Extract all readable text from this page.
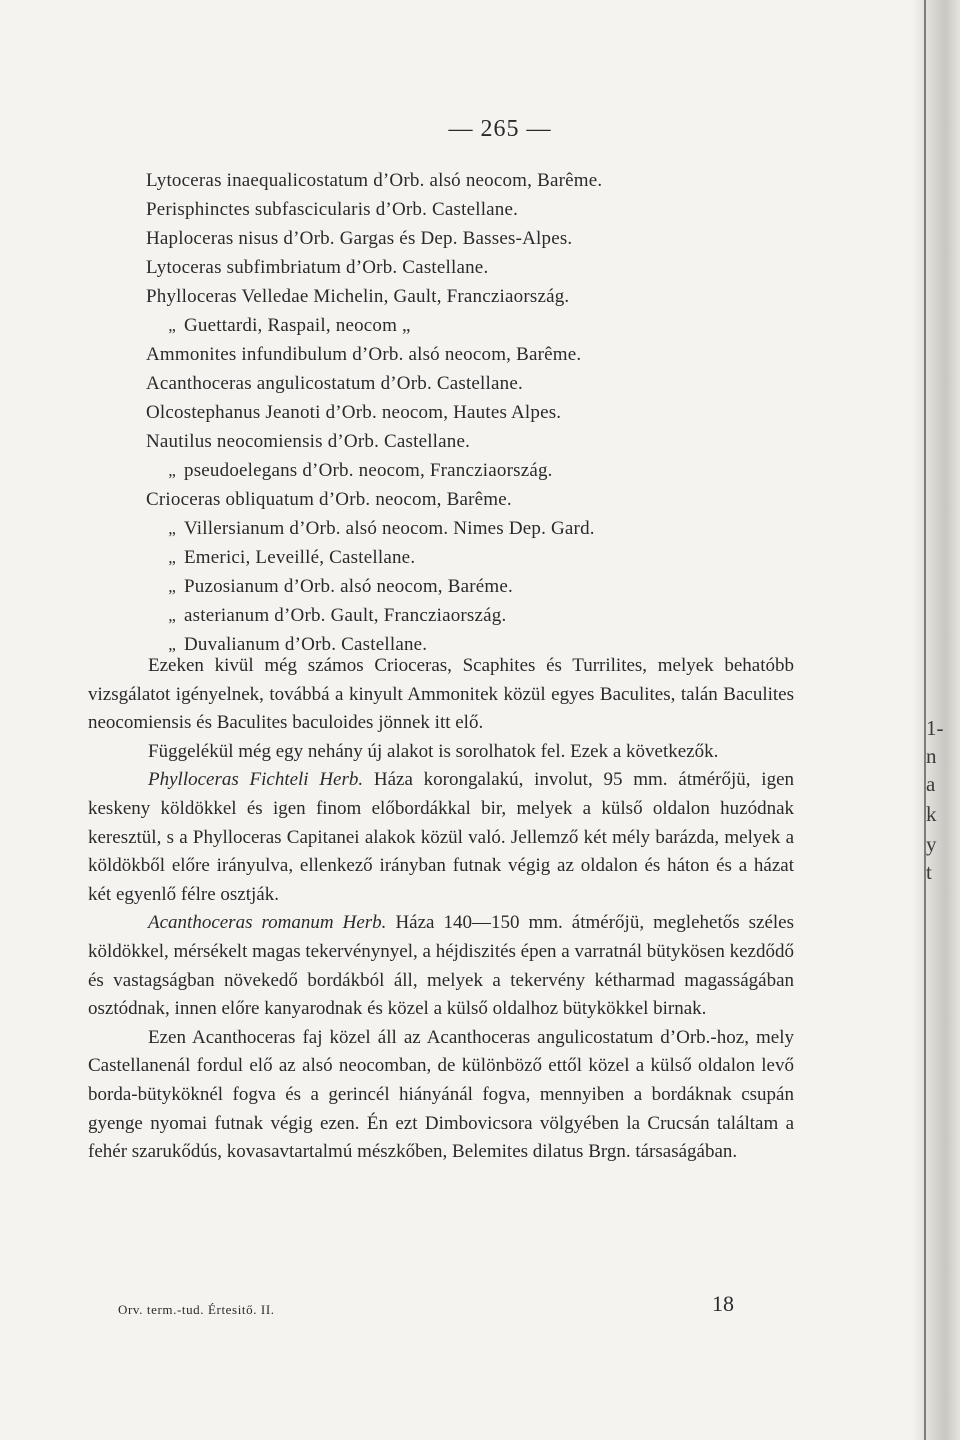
1-
n
a
k
y
t
— 265 —
Lytoceras inaequalicostatum d’Orb. alsó neocom, Barême.
Perisphinctes subfascicularis d’Orb. Castellane.
Haploceras nisus d’Orb. Gargas és Dep. Basses-Alpes.
Lytoceras subfimbriatum d’Orb. Castellane.
Phylloceras Velledae Michelin, Gault, Francziaország.
„ Guettardi, Raspail, neocom „
Ammonites infundibulum d’Orb. alsó neocom, Barême.
Acanthoceras angulicostatum d’Orb. Castellane.
Olcostephanus Jeanoti d’Orb. neocom, Hautes Alpes.
Nautilus neocomiensis d’Orb. Castellane.
„ pseudoelegans d’Orb. neocom, Francziaország.
Crioceras obliquatum d’Orb. neocom, Barême.
„ Villersianum d’Orb. alsó neocom. Nimes Dep. Gard.
„ Emerici, Leveillé, Castellane.
„ Puzosianum d’Orb. alsó neocom, Baréme.
„ asterianum d’Orb. Gault, Francziaország.
„ Duvalianum d’Orb. Castellane.

Ezeken kivül még számos Crioceras, Scaphites és Turrilites, melyek behatóbb vizsgálatot igényelnek, továbbá a kinyult Ammonitek közül egyes Baculites, talán Baculites neocomiensis és Baculites baculoides jönnek itt elő.

Függelékül még egy nehány új alakot is sorolhatok fel. Ezek a következők.

Phylloceras Fichteli Herb. Háza korongalakú, involut, 95 mm. átmérőjü, igen keskeny köldökkel és igen finom előbordákkal bir, melyek a külső oldalon huzódnak keresztül, s a Phylloceras Capitanei alakok közül való. Jellemző két mély barázda, melyek a köldökből előre irányulva, ellenkező irányban futnak végig az oldalon és háton és a házat két egyenlő félre osztják.

Acanthoceras romanum Herb. Háza 140—150 mm. átmérőjü, meglehetős széles köldökkel, mérsékelt magas tekervénynyel, a héjdiszités épen a varratnál bütykösen kezdődő és vastagságban növekedő bordákból áll, melyek a tekervény kétharmad magasságában osztódnak, innen előre kanyarodnak és közel a külső oldalhoz bütykökkel birnak.

Ezen Acanthoceras faj közel áll az Acanthoceras angulicostatum d’Orb.-hoz, mely Castellanenál fordul elő az alsó neocomban, de különböző ettől közel a külső oldalon levő borda-bütyköknél fogva és a gerincél hiányánál fogva, mennyiben a bordáknak csupán gyenge nyomai futnak végig ezen. Én ezt Dimbovicsora völgyében la Crucsán találtam a fehér szarukődús, kovasavtartalmú mészkőben, Belemites dilatus Brgn. társaságában.

Orv. term.-tud. Értesitő. II.	18
